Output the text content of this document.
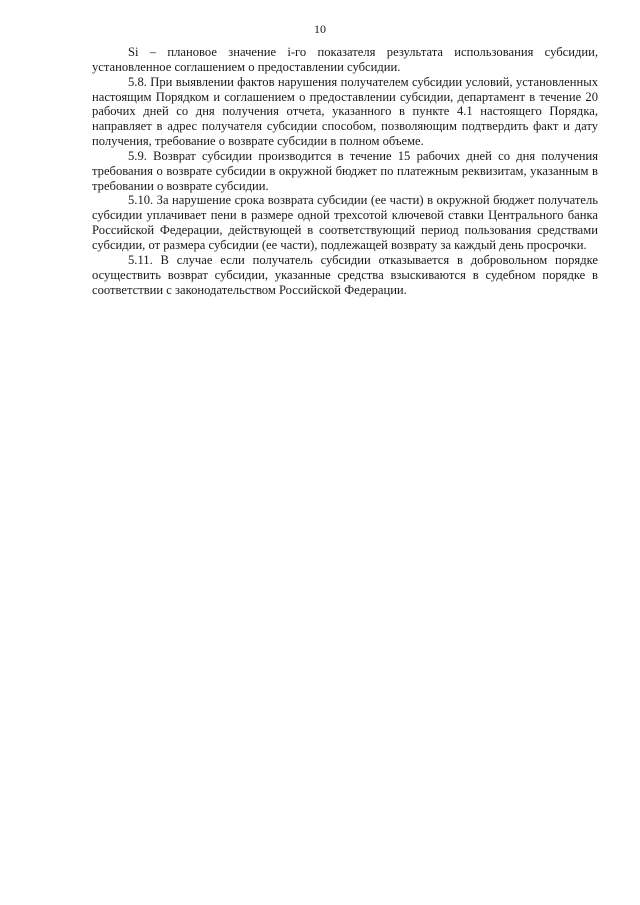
10

Si – плановое значение i-го показателя результата использования субсидии, установленное соглашением о предоставлении субсидии.

5.8. При выявлении фактов нарушения получателем субсидии условий, установленных настоящим Порядком и соглашением о предоставлении субсидии, департамент в течение 20 рабочих дней со дня получения отчета, указанного в пункте 4.1 настоящего Порядка, направляет в адрес получателя субсидии способом, позволяющим подтвердить факт и дату получения, требование о возврате субсидии в полном объеме.

5.9. Возврат субсидии производится в течение 15 рабочих дней со дня получения требования о возврате субсидии в окружной бюджет по платежным реквизитам, указанным в требовании о возврате субсидии.

5.10. За нарушение срока возврата субсидии (ее части) в окружной бюджет получатель субсидии уплачивает пени в размере одной трехсотой ключевой ставки Центрального банка Российской Федерации, действующей в соответствующий период пользования средствами субсидии, от размера субсидии (ее части), подлежащей возврату за каждый день просрочки.

5.11. В случае если получатель субсидии отказывается в добровольном порядке осуществить возврат субсидии, указанные средства взыскиваются в судебном порядке в соответствии с законодательством Российской Федерации.
